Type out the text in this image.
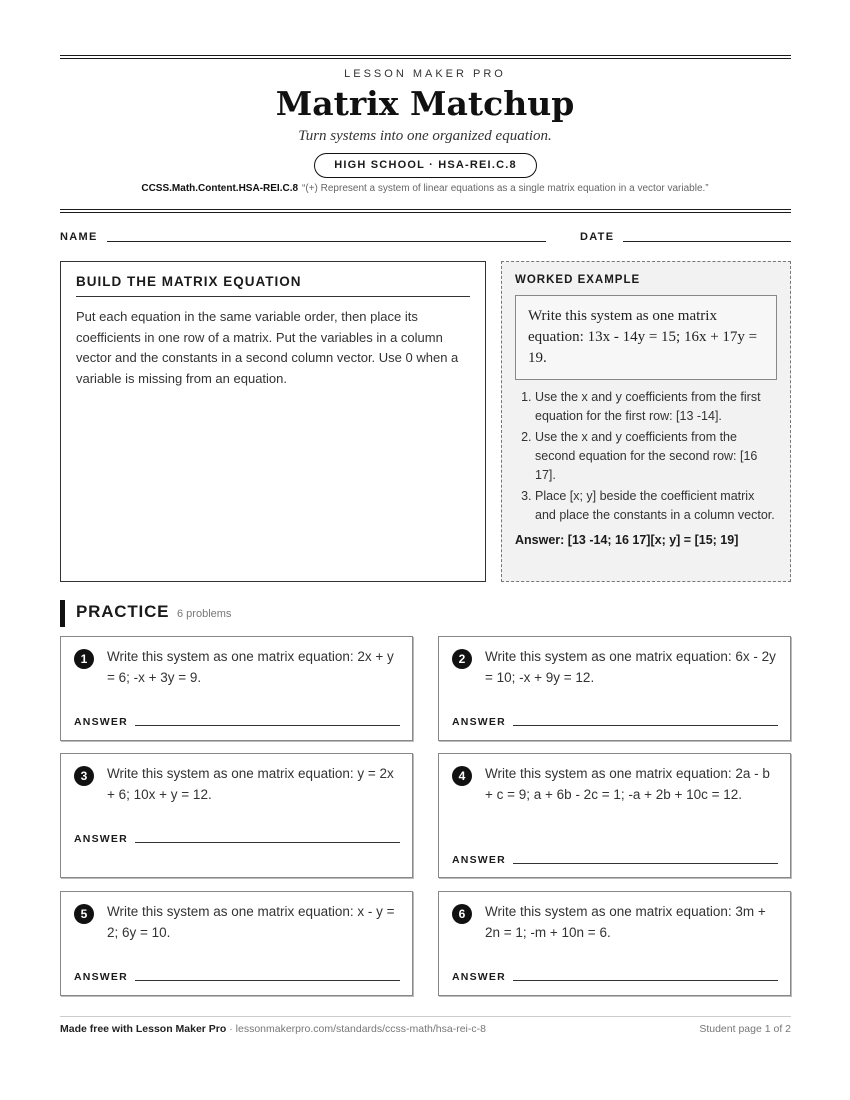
LESSON MAKER PRO
Matrix Matchup
Turn systems into one organized equation.
HIGH SCHOOL · HSA-REI.C.8
CCSS.Math.Content.HSA-REI.C.8 “(+) Represent a system of linear equations as a single matrix equation in a vector variable.”
NAME	DATE
BUILD THE MATRIX EQUATION
Put each equation in the same variable order, then place its coefficients in one row of a matrix. Put the variables in a column vector and the constants in a second column vector. Use 0 when a variable is missing from an equation.
WORKED EXAMPLE
Write this system as one matrix equation: 13x - 14y = 15; 16x + 17y = 19.
1. Use the x and y coefficients from the first equation for the first row: [13 -14].
2. Use the x and y coefficients from the second equation for the second row: [16 17].
3. Place [x; y] beside the coefficient matrix and place the constants in a column vector.
Answer: [13 -14; 16 17][x; y] = [15; 19]
PRACTICE 6 problems
1	Write this system as one matrix equation: 2x + y = 6; -x + 3y = 9.
ANSWER
2	Write this system as one matrix equation: 6x - 2y = 10; -x + 9y = 12.
ANSWER
3	Write this system as one matrix equation: y = 2x + 6; 10x + y = 12.
ANSWER
4	Write this system as one matrix equation: 2a - b + c = 9; a + 6b - 2c = 1; -a + 2b + 10c = 12.
ANSWER
5	Write this system as one matrix equation: x - y = 2; 6y = 10.
ANSWER
6	Write this system as one matrix equation: 3m + 2n = 1; -m + 10n = 6.
ANSWER
Made free with Lesson Maker Pro · lessonmakerpro.com/standards/ccss-math/hsa-rei-c-8	Student page 1 of 2
